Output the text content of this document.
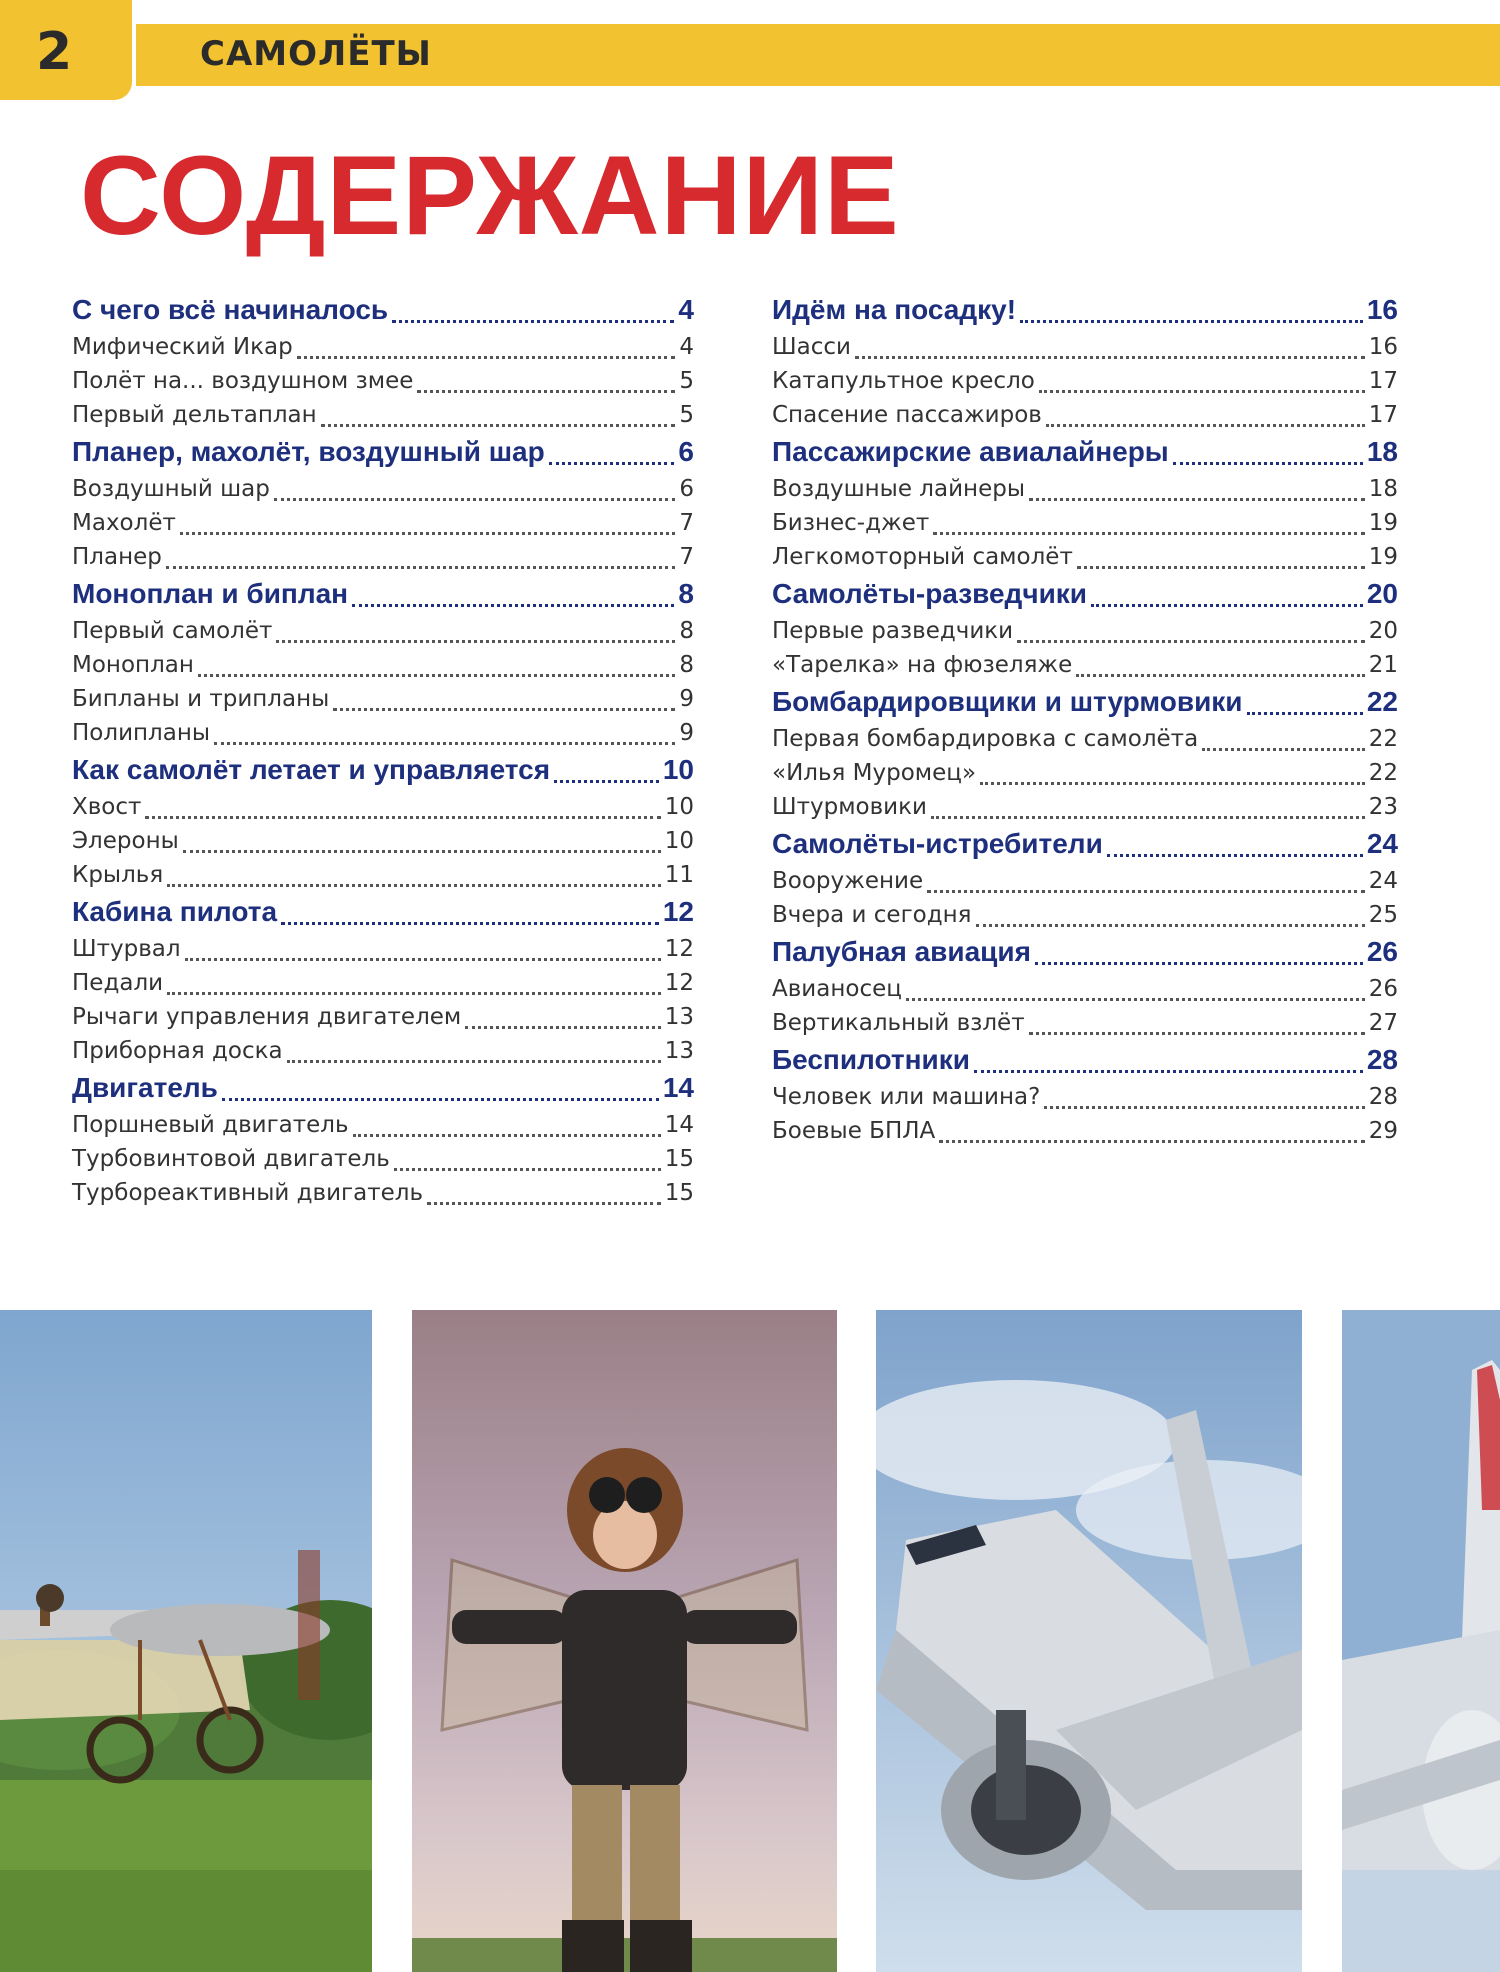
2	САМОЛЁТЫ
СОДЕРЖАНИЕ
С чего всё начиналось	4
Мифический Икар	4
Полёт на... воздушном змее	5
Первый дельтаплан	5
Планер, махолёт, воздушный шар	6
Воздушный шар	6
Махолёт	7
Планер	7
Моноплан и биплан	8
Первый самолёт	8
Моноплан	8
Бипланы и трипланы	9
Полипланы	9
Как самолёт летает и управляется	10
Хвост	10
Элероны	10
Крылья	11
Кабина пилота	12
Штурвал	12
Педали	12
Рычаги управления двигателем	13
Приборная доска	13
Двигатель	14
Поршневый двигатель	14
Турбовинтовой двигатель	15
Турбореактивный двигатель	15
Идём на посадку!	16
Шасси	16
Катапультное кресло	17
Спасение пассажиров	17
Пассажирские авиалайнеры	18
Воздушные лайнеры	18
Бизнес-джет	19
Легкомоторный самолёт	19
Самолёты-разведчики	20
Первые разведчики	20
«Тарелка» на фюзеляже	21
Бомбардировщики и штурмовики	22
Первая бомбардировка с самолёта	22
«Илья Муромец»	22
Штурмовики	23
Самолёты-истребители	24
Вооружение	24
Вчера и сегодня	25
Палубная авиация	26
Авианосец	26
Вертикальный взлёт	27
Беспилотники	28
Человек или машина?	28
Боевые БПЛА	29
